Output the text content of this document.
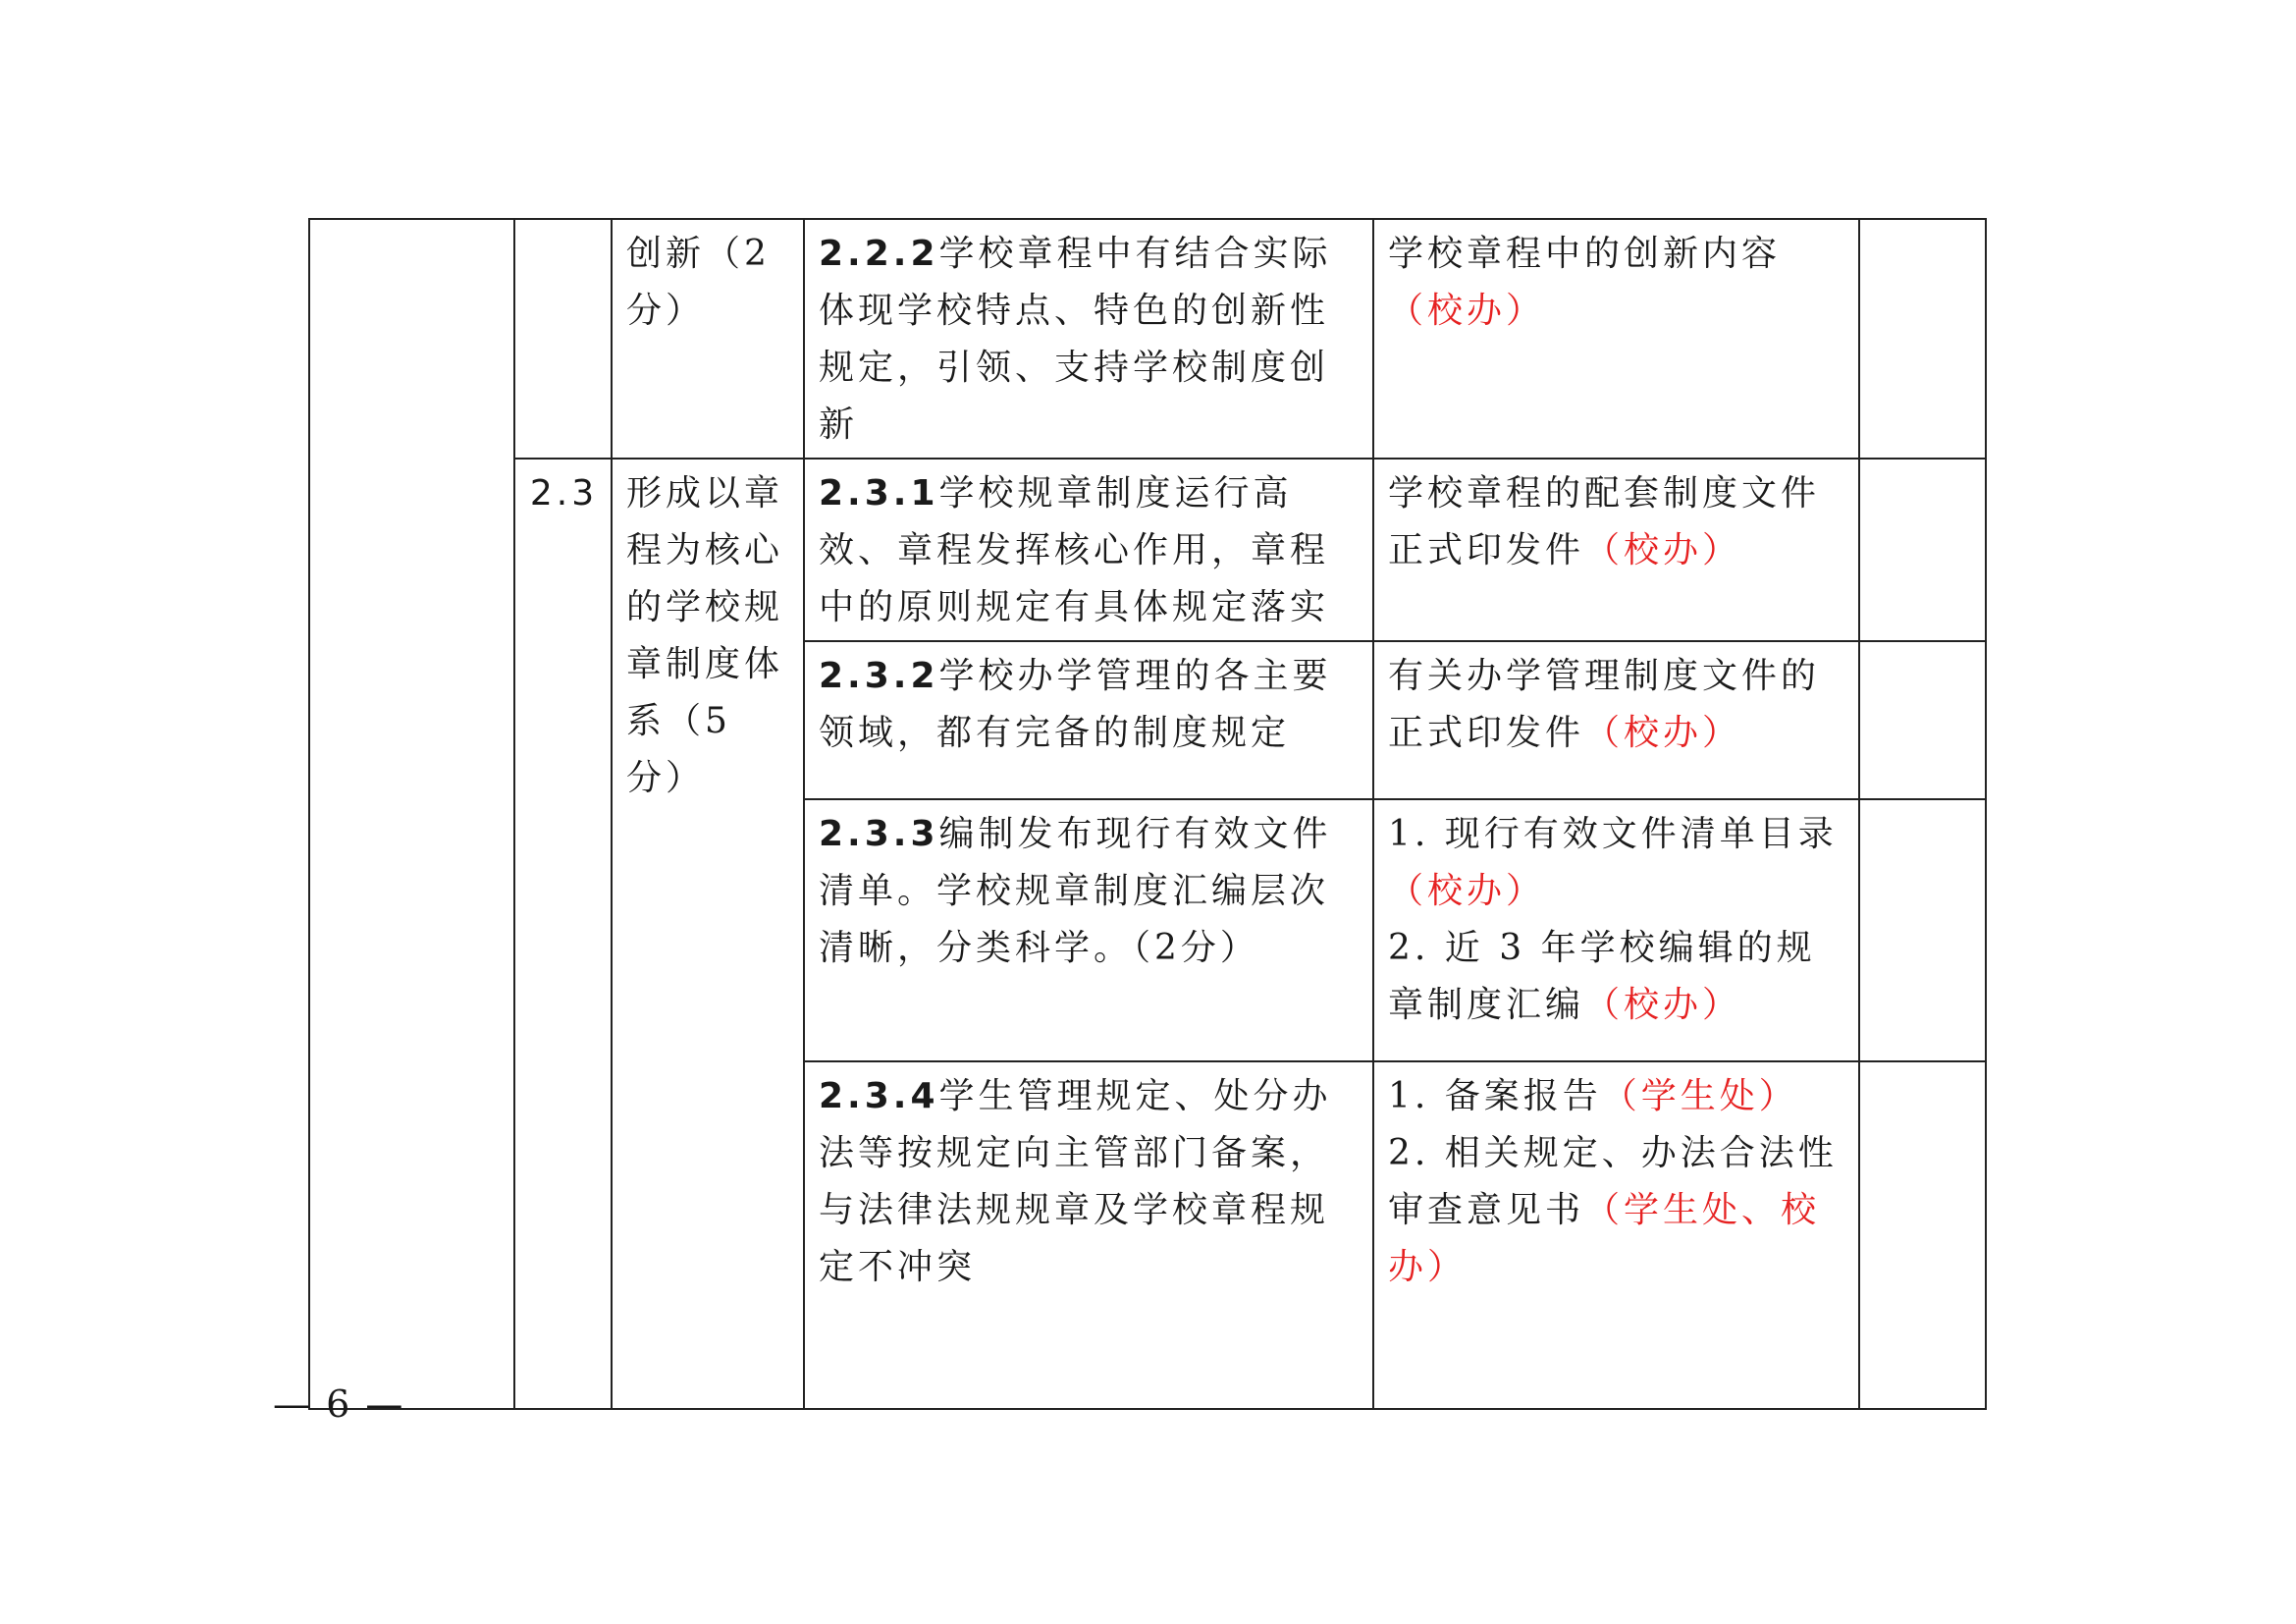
		创新（2分）	2.2.2学校章程中有结合实际体现学校特点、特色的创新性规定，引领、支持学校制度创新	学校章程中的创新内容（校办）	

	2.3	形成以章程为核心的学校规章制度体系（5分）	2.3.1学校规章制度运行高效、章程发挥核心作用，章程中的原则规定有具体规定落实	学校章程的配套制度文件正式印发件（校办）	

			2.3.2学校办学管理的各主要领域，都有完备的制度规定	有关办学管理制度文件的正式印发件（校办）	

			2.3.3编制发布现行有效文件清单。学校规章制度汇编层次清晰，分类科学。（2分）	1. 现行有效文件清单目录（校办）

2. 近 3 年学校编辑的规章制度汇编（校办）	

			2.3.4学生管理规定、处分办法等按规定向主管部门备案，与法律法规规章及学校章程规定不冲突	1. 备案报告（学生处）

2. 相关规定、办法合法性审查意见书（学生处、校办）	

— 6 —
